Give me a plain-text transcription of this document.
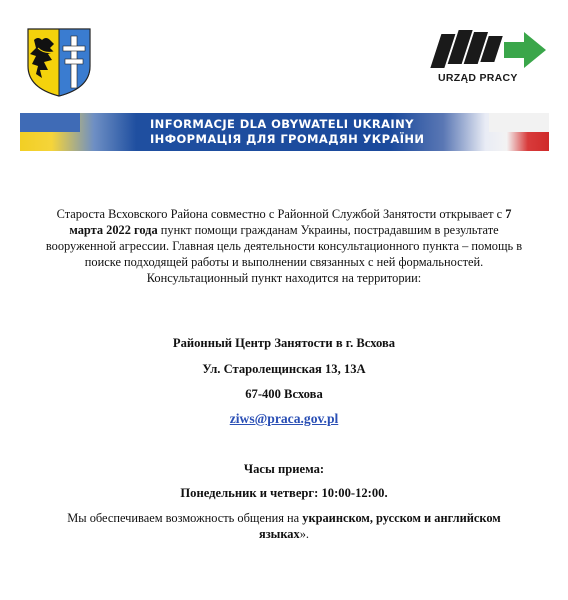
URZĄD PRACY
INFORMACJE DLA OBYWATELI UKRAINY
ІНФОРМАЦІЯ ДЛЯ ГРОМАДЯН УКРАЇНИ
Староста Всховского Района совместно с Районной Службой Занятости открывает с 7 марта 2022 года пункт помощи гражданам Украины, пострадавшим в результате вооруженной агрессии. Главная цель деятельности консультационного пункта – помощь в поиске подходящей работы и выполнении связанных с ней формальностей.
Консультационный пункт находится на территории:
Районный Центр Занятости в г. Всхова
Ул. Старолещинская 13, 13А
67-400 Всхова
ziws@praca.gov.pl
Часы приема:
Понедельник и четверг: 10:00-12:00.
Мы обеспечиваем возможность общения на украинском, русском и английском языках».
